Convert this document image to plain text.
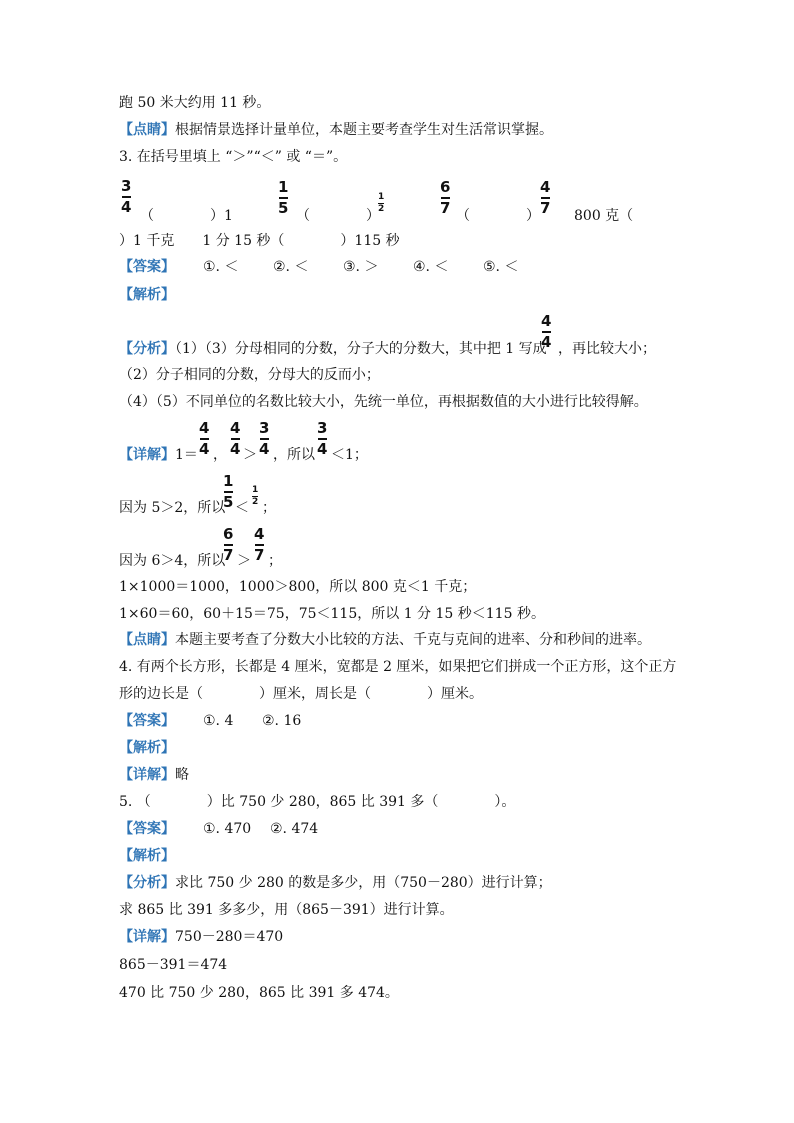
跑 50 米大约用 11 秒。
【点睛】根据情景选择计量单位，本题主要考查学生对生活常识掌握。
3. 在括号里填上 “＞”“＜” 或 “＝”。
3
4 （　　　　）1
1
5 （　　　　）
1
2
6
7 （　　　　）
4
7 800 克（
）1 千克　　1 分 15 秒（　　　　）115 秒
【答案】 ①. ＜ ②. ＜ ③. ＞ ④. ＜ ⑤. ＜
【解析】
【分析】（1）（3）分母相同的分数，分子大的分数大，其中把 1 写成
4
4 ，再比较大小；
（2）分子相同的分数，分母大的反而小；
（4）（5）不同单位的名数比较大小，先统一单位，再根据数值的大小进行比较得解。
【详解】1＝
4
4 ，
4
4 ＞
3
4 ，所以
3
4 ＜1；
因为 5＞2，所以
1
5 ＜
1
2 ；
因为 6＞4，所以
6
7 ＞
4
7 ；
1×1000＝1000，1000＞800，所以 800 克＜1 千克；
1×60＝60，60＋15＝75，75＜115，所以 1 分 15 秒＜115 秒。
【点睛】本题主要考查了分数大小比较的方法、千克与克间的进率、分和秒间的进率。
4. 有两个长方形，长都是 4 厘米，宽都是 2 厘米，如果把它们拼成一个正方形，这个正方
形的边长是（　　　　）厘米，周长是（　　　　）厘米。
【答案】 ①. 4 ②. 16
【解析】
【详解】略
5. （　　　　）比 750 少 280，865 比 391 多（　　　　）。
【答案】 ①. 470 ②. 474
【解析】
【分析】求比 750 少 280 的数是多少，用（750－280）进行计算；
求 865 比 391 多多少，用（865－391）进行计算。
【详解】750－280＝470
865－391＝474
470 比 750 少 280，865 比 391 多 474。
